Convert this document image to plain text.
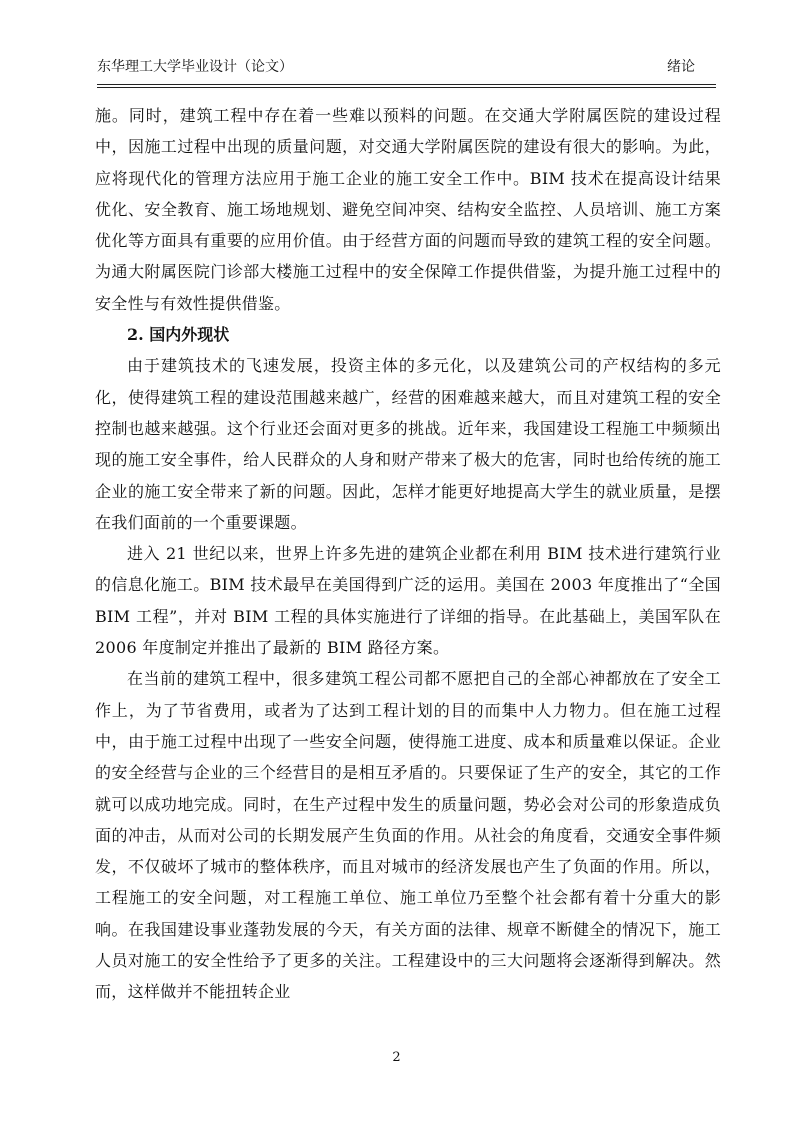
东华理工大学毕业设计（论文）	绪论

施。同时，建筑工程中存在着一些难以预料的问题。在交通大学附属医院的建设过程中，因施工过程中出现的质量问题，对交通大学附属医院的建设有很大的影响。为此，应将现代化的管理方法应用于施工企业的施工安全工作中。BIM 技术在提高设计结果优化、安全教育、施工场地规划、避免空间冲突、结构安全监控、人员培训、施工方案优化等方面具有重要的应用价值。由于经营方面的问题而导致的建筑工程的安全问题。为通大附属医院门诊部大楼施工过程中的安全保障工作提供借鉴，为提升施工过程中的安全性与有效性提供借鉴。

2. 国内外现状

由于建筑技术的飞速发展，投资主体的多元化，以及建筑公司的产权结构的多元化，使得建筑工程的建设范围越来越广，经营的困难越来越大，而且对建筑工程的安全控制也越来越强。这个行业还会面对更多的挑战。近年来，我国建设工程施工中频频出现的施工安全事件，给人民群众的人身和财产带来了极大的危害，同时也给传统的施工企业的施工安全带来了新的问题。因此，怎样才能更好地提高大学生的就业质量，是摆在我们面前的一个重要课题。

进入 21 世纪以来，世界上许多先进的建筑企业都在利用 BIM 技术进行建筑行业的信息化施工。BIM 技术最早在美国得到广泛的运用。美国在 2003 年度推出了“全国 BIM 工程”，并对 BIM 工程的具体实施进行了详细的指导。在此基础上，美国军队在 2006 年度制定并推出了最新的 BIM 路径方案。

在当前的建筑工程中，很多建筑工程公司都不愿把自己的全部心神都放在了安全工作上，为了节省费用，或者为了达到工程计划的目的而集中人力物力。但在施工过程中，由于施工过程中出现了一些安全问题，使得施工进度、成本和质量难以保证。企业的安全经营与企业的三个经营目的是相互矛盾的。只要保证了生产的安全，其它的工作就可以成功地完成。同时，在生产过程中发生的质量问题，势必会对公司的形象造成负面的冲击，从而对公司的长期发展产生负面的作用。从社会的角度看，交通安全事件频发，不仅破坏了城市的整体秩序，而且对城市的经济发展也产生了负面的作用。所以，工程施工的安全问题，对工程施工单位、施工单位乃至整个社会都有着十分重大的影响。在我国建设事业蓬勃发展的今天，有关方面的法律、规章不断健全的情况下，施工人员对施工的安全性给予了更多的关注。工程建设中的三大问题将会逐渐得到解决。然而，这样做并不能扭转企业

2
